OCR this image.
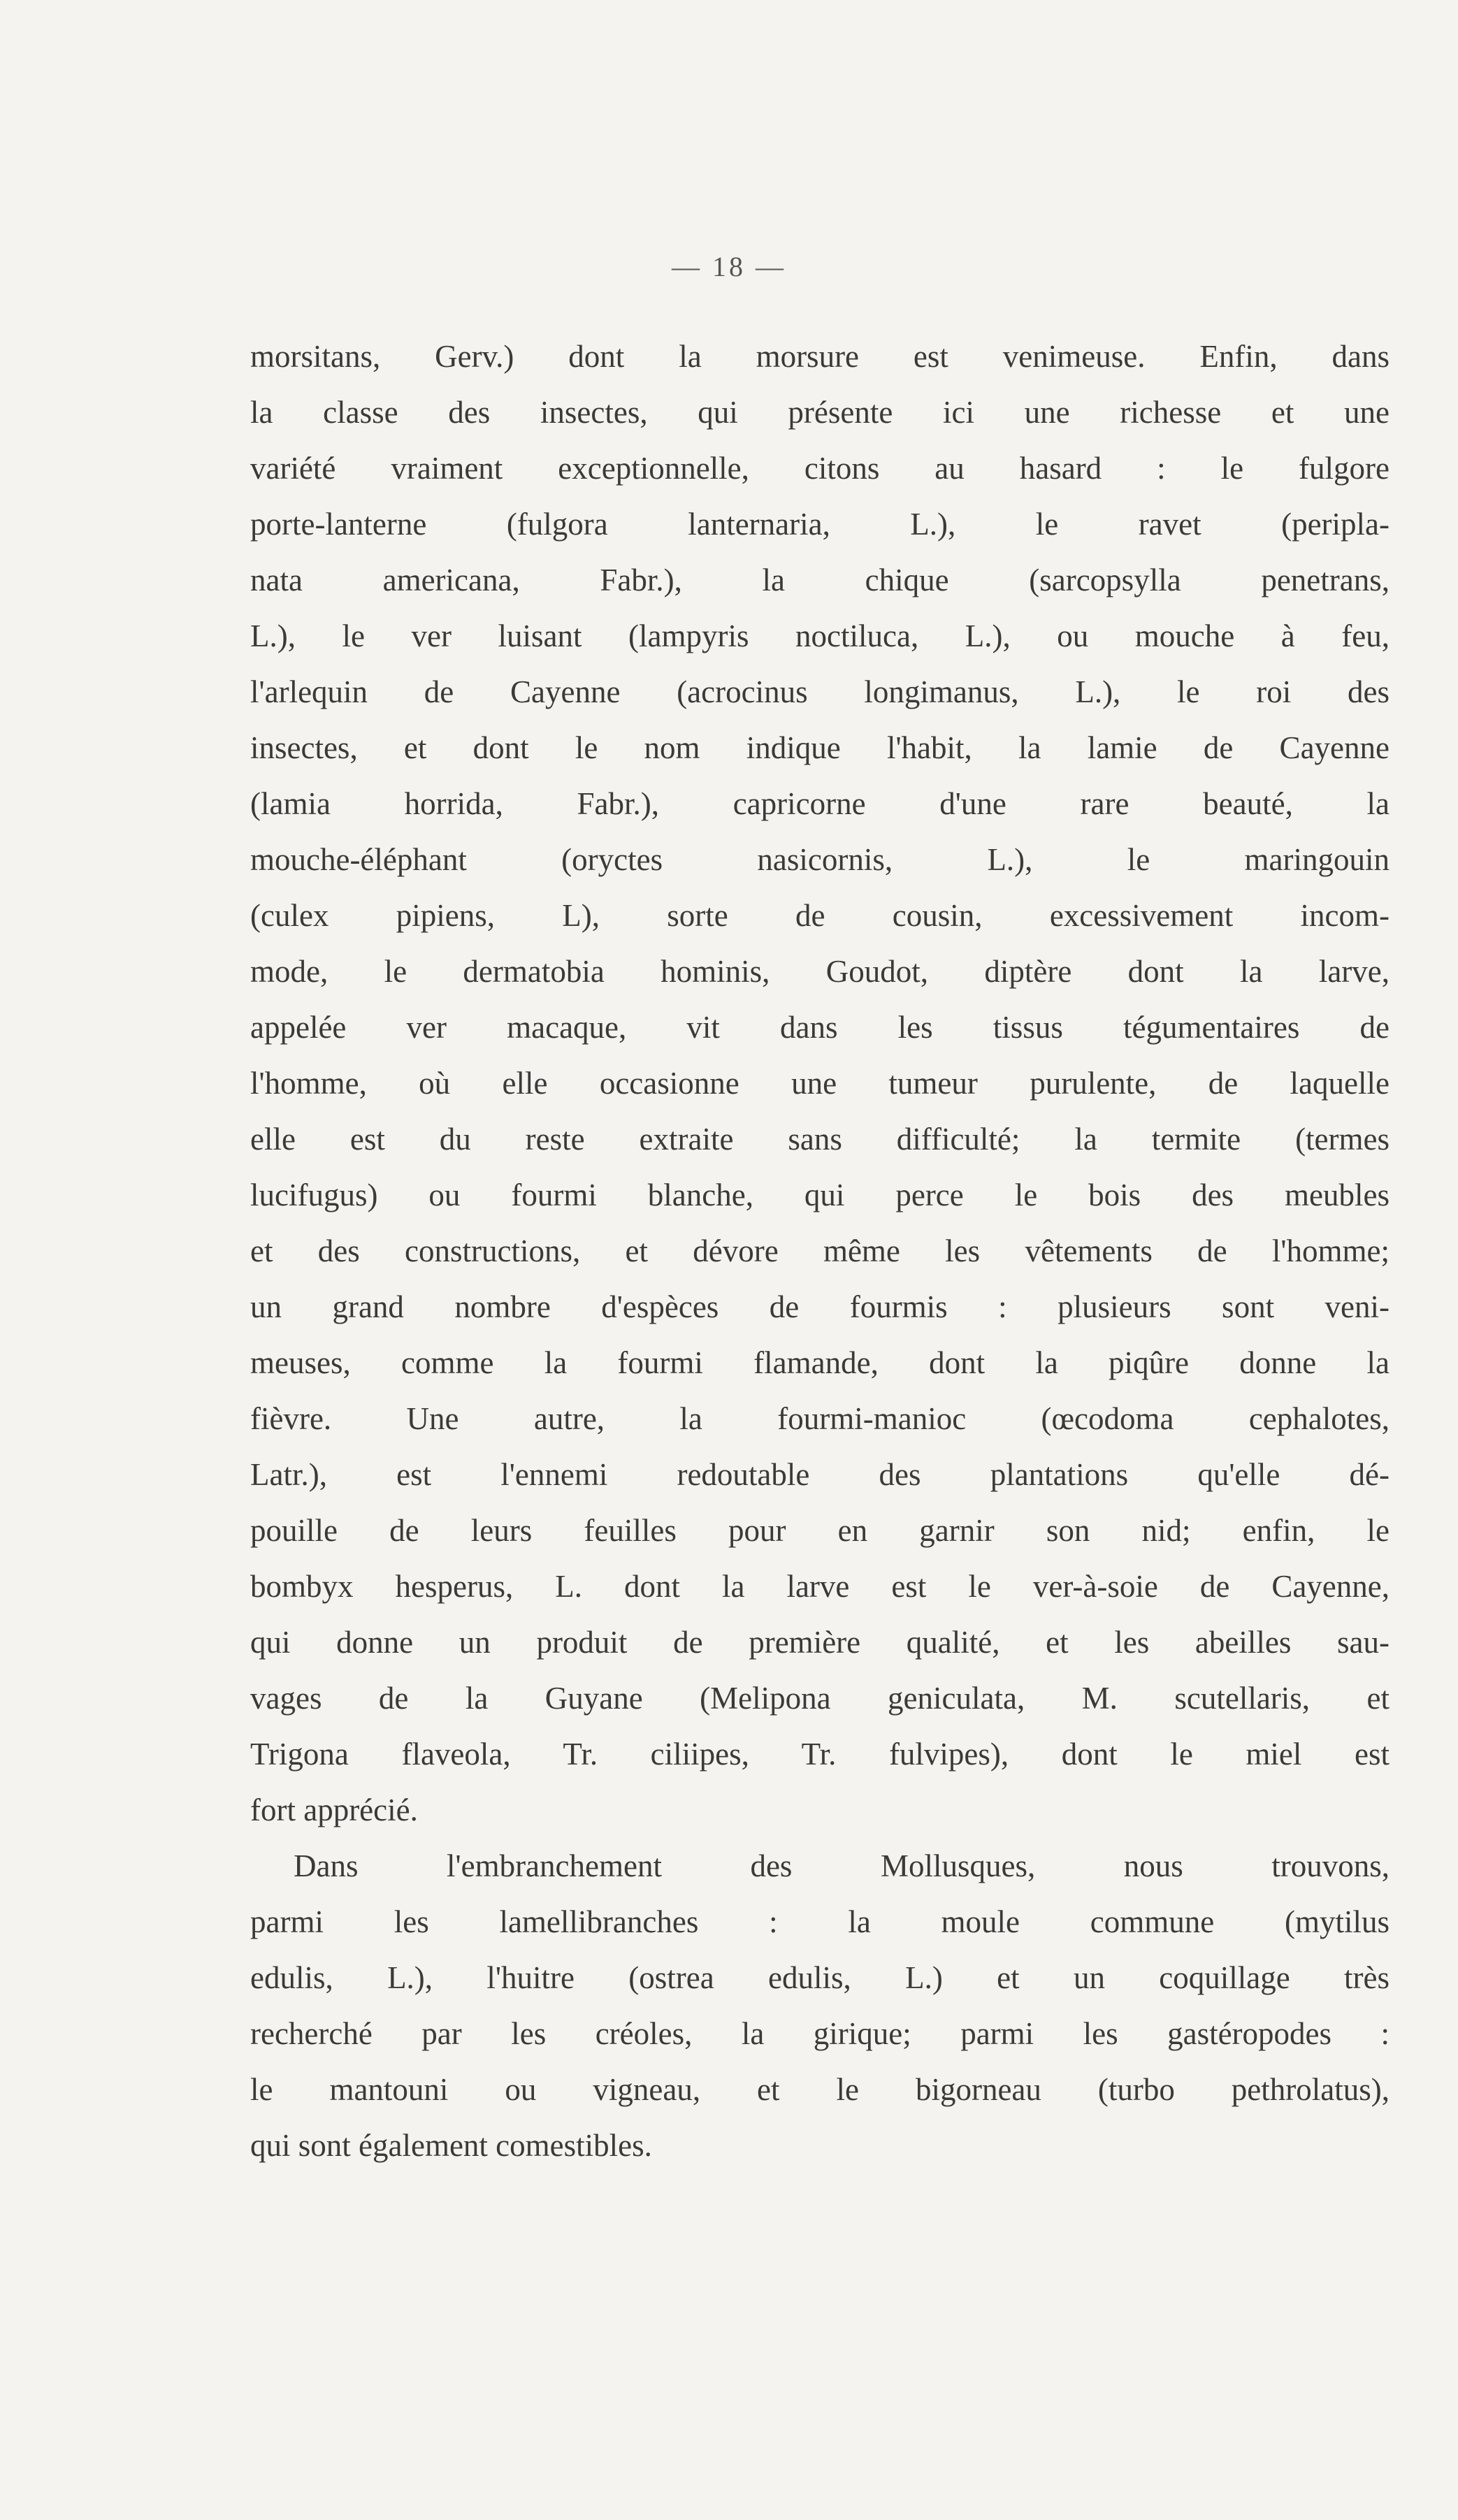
— 18 —
morsitans, Gerv.) dont la morsure est venimeuse. Enfin, dans
la classe des insectes, qui présente ici une richesse et une
variété vraiment exceptionnelle, citons au hasard : le fulgore
porte-lanterne (fulgora lanternaria, L.), le ravet (peripla-
nata americana, Fabr.), la chique (sarcopsylla penetrans,
L.), le ver luisant (lampyris noctiluca, L.), ou mouche à feu,
l'arlequin de Cayenne (acrocinus longimanus, L.), le roi des
insectes, et dont le nom indique l'habit, la lamie de Cayenne
(lamia horrida, Fabr.), capricorne d'une rare beauté, la
mouche-éléphant (oryctes nasicornis, L.), le maringouin
(culex pipiens, L), sorte de cousin, excessivement incom-
mode, le dermatobia hominis, Goudot, diptère dont la larve,
appelée ver macaque, vit dans les tissus tégumentaires de
l'homme, où elle occasionne une tumeur purulente, de laquelle
elle est du reste extraite sans difficulté; la termite (termes
lucifugus) ou fourmi blanche, qui perce le bois des meubles
et des constructions, et dévore même les vêtements de l'homme;
un grand nombre d'espèces de fourmis : plusieurs sont veni-
meuses, comme la fourmi flamande, dont la piqûre donne la
fièvre. Une autre, la fourmi-manioc (œcodoma cephalotes,
Latr.), est l'ennemi redoutable des plantations qu'elle dé-
pouille de leurs feuilles pour en garnir son nid; enfin, le
bombyx hesperus, L. dont la larve est le ver-à-soie de Cayenne,
qui donne un produit de première qualité, et les abeilles sau-
vages de la Guyane (Melipona geniculata, M. scutellaris, et
Trigona flaveola, Tr. ciliipes, Tr. fulvipes), dont le miel est
fort apprécié.
Dans l'embranchement des Mollusques, nous trouvons,
parmi les lamellibranches : la moule commune (mytilus
edulis, L.), l'huitre (ostrea edulis, L.) et un coquillage très
recherché par les créoles, la girique; parmi les gastéropodes :
le mantouni ou vigneau, et le bigorneau (turbo pethrolatus),
qui sont également comestibles.
